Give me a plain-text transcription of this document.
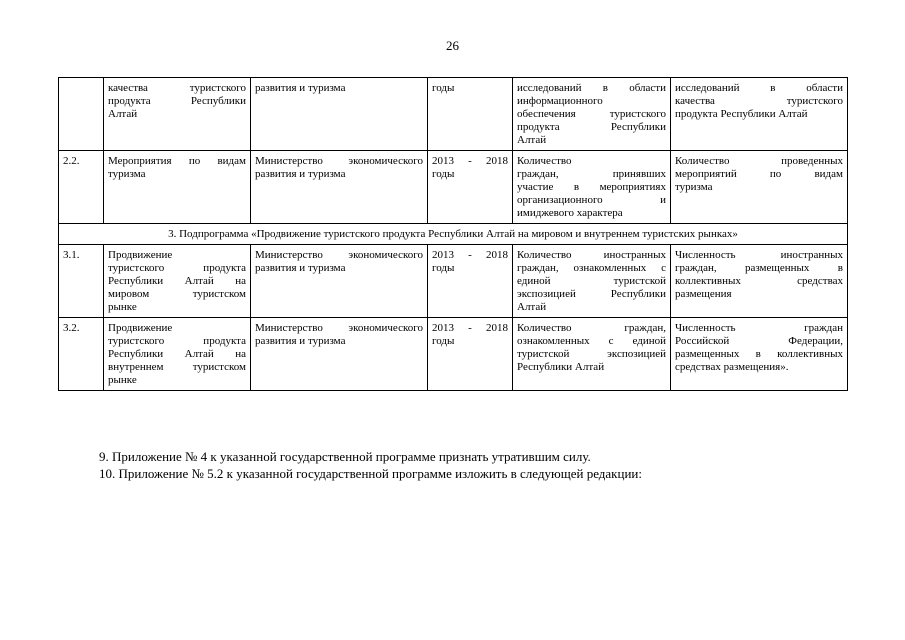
26

	качества туристского
продукта Республики
Алтай	развития и туризма	годы	исследований в области
информационного
обеспечения туристского
продукта Республики
Алтай	исследований в области
качества туристского
продукта Республики Алтай

2.2.	Мероприятия по видам
туризма	Министерство экономического
развития и туризма	2013 - 2018
годы	Количество
граждан, принявших
участие в мероприятиях
организационного и
имиджевого характера	Количество проведенных
мероприятий по видам
туризма

3. Подпрограмма «Продвижение туристского продукта Республики Алтай на мировом и внутреннем туристских рынках»					
3.1.	Продвижение
туристского продукта
Республики Алтай на
мировом туристском
рынке	Министерство экономического
развития и туризма	2013 - 2018
годы	Количество иностранных
граждан, ознакомленных с
единой туристской
экспозицией Республики
Алтай	Численность иностранных
граждан, размещенных в
коллективных средствах
размещения

3.2.	Продвижение
туристского продукта
Республики Алтай на
внутреннем туристском
рынке	Министерство экономического
развития и туризма	2013 - 2018
годы	Количество граждан,
ознакомленных с единой
туристской экспозицией
Республики Алтай	Численность граждан
Российской Федерации,
размещенных в коллективных
средствах размещения».
9. Приложение № 4 к указанной государственной программе признать утратившим силу.
10. Приложение № 5.2 к указанной государственной программе изложить в следующей редакции:
